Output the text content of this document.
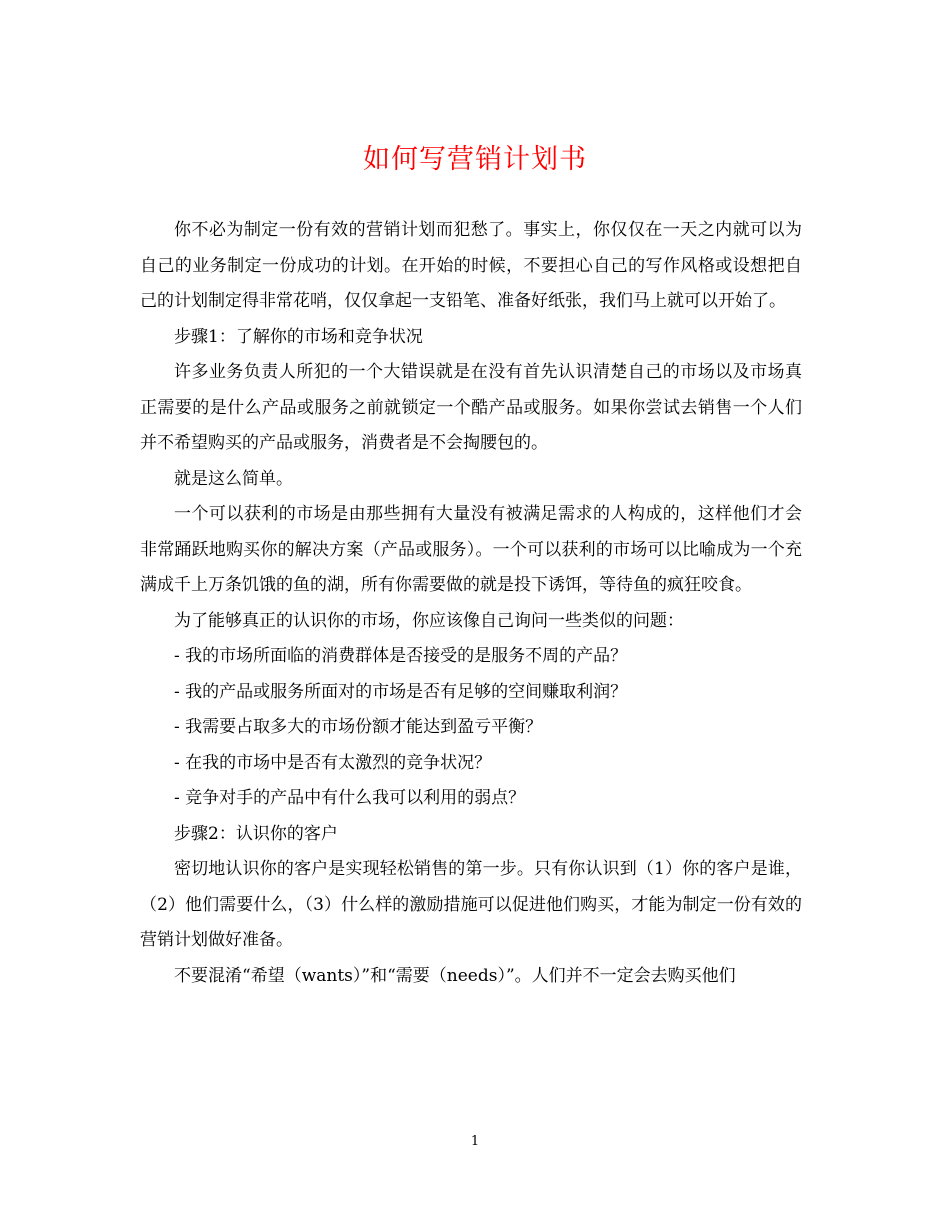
如何写营销计划书

你不必为制定一份有效的营销计划而犯愁了。事实上，你仅仅在一天之内就可以为自己的业务制定一份成功的计划。在开始的时候，不要担心自己的写作风格或设想把自己的计划制定得非常花哨，仅仅拿起一支铅笔、准备好纸张，我们马上就可以开始了。

步骤1：了解你的市场和竞争状况

许多业务负责人所犯的一个大错误就是在没有首先认识清楚自己的市场以及市场真正需要的是什么产品或服务之前就锁定一个酷产品或服务。如果你尝试去销售一个人们并不希望购买的产品或服务，消费者是不会掏腰包的。

就是这么简单。

一个可以获利的市场是由那些拥有大量没有被满足需求的人构成的，这样他们才会非常踊跃地购买你的解决方案（产品或服务）。一个可以获利的市场可以比喻成为一个充满成千上万条饥饿的鱼的湖，所有你需要做的就是投下诱饵，等待鱼的疯狂咬食。

为了能够真正的认识你的市场，你应该像自己询问一些类似的问题：

- 我的市场所面临的消费群体是否接受的是服务不周的产品？

- 我的产品或服务所面对的市场是否有足够的空间赚取利润？

- 我需要占取多大的市场份额才能达到盈亏平衡？

- 在我的市场中是否有太激烈的竞争状况？

- 竞争对手的产品中有什么我可以利用的弱点？

步骤2：认识你的客户

密切地认识你的客户是实现轻松销售的第一步。只有你认识到（1）你的客户是谁，（2）他们需要什么，（3）什么样的激励措施可以促进他们购买，才能为制定一份有效的营销计划做好准备。

不要混淆“希望（wants）”和“需要（needs）”。人们并不一定会去购买他们

1
